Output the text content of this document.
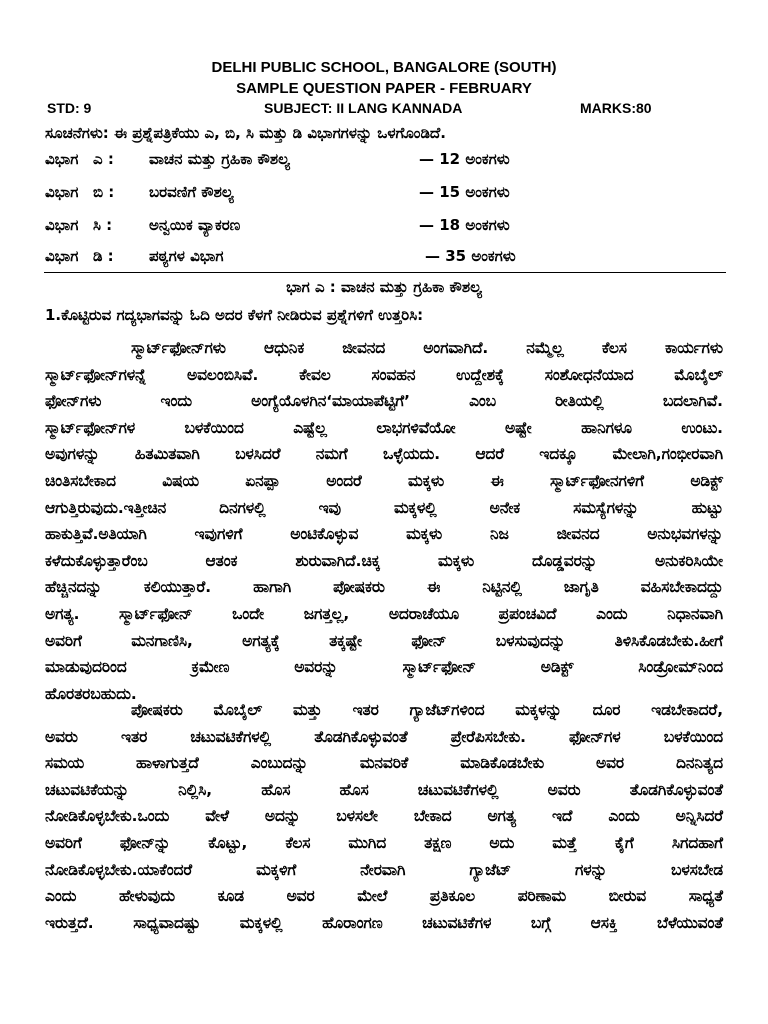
DELHI PUBLIC SCHOOL, BANGALORE (SOUTH)
SAMPLE QUESTION PAPER - FEBRUARY
STD: 9	SUBJECT: II LANG KANNADA	MARKS:80
ಸೂಚನೆಗಳು: ಈ ಪ್ರಶ್ನೆಪತ್ರಿಕೆಯು ಎ, ಬಿ, ಸಿ ಮತ್ತು ಡಿ ವಿಭಾಗಗಳನ್ನು ಒಳಗೊಂಡಿದೆ.
ವಿಭಾಗ ಎ : ವಾಚನ ಮತ್ತು ಗ್ರಹಿಕಾ ಕೌಶಲ್ಯ	— 12 ಅಂಕಗಳು
ವಿಭಾಗ ಬಿ : ಬರವಣಿಗೆ ಕೌಶಲ್ಯ	— 15 ಅಂಕಗಳು
ವಿಭಾಗ ಸಿ : ಅನ್ವಯಿಕ ವ್ಯಾಕರಣ	— 18 ಅಂಕಗಳು
ವಿಭಾಗ ಡಿ : ಪಠ್ಯಗಳ ವಿಭಾಗ	— 35 ಅಂಕಗಳು
ಭಾಗ ಎ : ವಾಚನ ಮತ್ತು ಗ್ರಹಿಕಾ ಕೌಶಲ್ಯ
1.ಕೊಟ್ಟಿರುವ ಗದ್ಯಭಾಗವನ್ನು ಓದಿ ಅದರ ಕೆಳಗೆ ನೀಡಿರುವ ಪ್ರಶ್ನೆಗಳಿಗೆ ಉತ್ತರಿಸಿ:
ಸ್ಮಾರ್ಟ್‌ಫೋನ್‌ಗಳು ಆಧುನಿಕ ಜೀವನದ ಅಂಗವಾಗಿದೆ. ನಮ್ಮೆಲ್ಲ ಕೆಲಸ ಕಾರ್ಯಗಳು
ಸ್ಮಾರ್ಟ್‌ಫೋನ್‌ಗಳನ್ನೆ ಅವಲಂಬಿಸಿವೆ. ಕೇವಲ ಸಂವಹನ ಉದ್ದೇಶಕ್ಕೆ ಸಂಶೋಧನೆಯಾದ ಮೊಬೈಲ್
ಫೋನ್‌ಗಳು ಇಂದು ಅಂಗ್ಯೆಯೊಳಗಿನ‘ಮಾಯಾಪೆಟ್ಟಿಗೆ’ ಎಂಬ ರೀತಿಯಲ್ಲಿ ಬದಲಾಗಿವೆ.
ಸ್ಮಾರ್ಟ್‌ಫೋನ್‌ಗಳ ಬಳಕೆಯಿಂದ ಎಷ್ಟೆಲ್ಲ ಲಾಭಗಳಿವೆಯೋ ಅಷ್ಟೇ ಹಾನಿಗಳೂ ಉಂಟು.
ಅವುಗಳನ್ನು ಹಿತಮಿತವಾಗಿ ಬಳಸಿದರೆ ನಮಗೆ ಒಳ್ಳೆಯದು. ಆದರೆ ಇದಕ್ಕೂ ಮೇಲಾಗಿ,ಗಂಭೀರವಾಗಿ
ಚಿಂತಿಸಬೇಕಾದ ವಿಷಯ ಏನಪ್ಪಾ ಅಂದರೆ ಮಕ್ಕಳು ಈ ಸ್ಮಾರ್ಟ್‌ಫೋನಗಳಿಗೆ ಅಡಿಕ್ಟ್
ಆಗುತ್ತಿರುವುದು.ಇತ್ತೀಚಿನ ದಿನಗಳಲ್ಲಿ ಇವು ಮಕ್ಕಳಲ್ಲಿ ಅನೇಕ ಸಮಸ್ಯೆಗಳನ್ನು ಹುಟ್ಟು
ಹಾಕುತ್ತಿವೆ.ಅತಿಯಾಗಿ ಇವುಗಳಿಗೆ ಅಂಟಿಕೊಳ್ಳುವ ಮಕ್ಕಳು ನಿಜ ಜೀವನದ ಅನುಭವಗಳನ್ನು
ಕಳೆದುಕೊಳ್ಳುತ್ತಾರೆಂಬ ಆತಂಕ ಶುರುವಾಗಿದೆ.ಚಿಕ್ಕ ಮಕ್ಕಳು ದೊಡ್ಡವರನ್ನು ಅನುಕರಿಸಿಯೇ
ಹೆಚ್ಚಿನದನ್ನು ಕಲಿಯುತ್ತಾರೆ. ಹಾಗಾಗಿ ಪೋಷಕರು ಈ ನಿಟ್ಟಿನಲ್ಲಿ ಜಾಗೃತಿ ವಹಿಸಬೇಕಾದದ್ದು
ಅಗತ್ಯ. ಸ್ಮಾರ್ಟ್‌ಫೋನ್ ಒಂದೇ ಜಗತ್ತಲ್ಲ, ಅದರಾಚೆಯೂ ಪ್ರಪಂಚವಿದೆ ಎಂದು ನಿಧಾನವಾಗಿ
ಅವರಿಗೆ ಮನಗಾಣಿಸಿ, ಅಗತ್ಯಕ್ಕೆ ತಕ್ಕಷ್ಟೇ ಫೋನ್ ಬಳಸುವುದನ್ನು ತಿಳಿಸಿಕೊಡಬೇಕು.ಹೀಗೆ
ಮಾಡುವುದರಿಂದ ಕ್ರಮೇಣ ಅವರನ್ನು ಸ್ಮಾರ್ಟ್‌ಫೋನ್ ಅಡಿಕ್ಟ್ ಸಿಂಡ್ರೋಮ್‌ನಿಂದ
ಹೊರತರಬಹುದು.
ಪೋಷಕರು ಮೊಬೈಲ್ ಮತ್ತು ಇತರ ಗ್ಯಾಜೆಟ್‌ಗಳಿಂದ ಮಕ್ಕಳನ್ನು ದೂರ ಇಡಬೇಕಾದರೆ,
ಅವರು ಇತರ ಚಟುವಟಿಕೆಗಳಲ್ಲಿ ತೊಡಗಿಕೊಳ್ಳುವಂತೆ ಪ್ರೇರೆಪಿಸಬೇಕು. ಫೋನ್‌ಗಳ ಬಳಕೆಯಿಂದ
ಸಮಯ ಹಾಳಾಗುತ್ತದೆ ಎಂಬುದನ್ನು ಮನವರಿಕೆ ಮಾಡಿಕೊಡಬೇಕು ಅವರ ದಿನನಿತ್ಯದ
ಚಟುವಟಿಕೆಯನ್ನು ನಿಲ್ಲಿಸಿ, ಹೊಸ ಹೊಸ ಚಟುವಟಿಕೆಗಳಲ್ಲಿ ಅವರು ತೊಡಗಿಕೊಳ್ಳುವಂತೆ
ನೋಡಿಕೊಳ್ಳಬೇಕು.ಒಂದು ವೇಳೆ ಅದನ್ನು ಬಳಸಲೇ ಬೇಕಾದ ಅಗತ್ಯ ಇದೆ ಎಂದು ಅನ್ನಿಸಿದರೆ
ಅವರಿಗೆ ಫೋನ್‌ನ್ನು ಕೊಟ್ಟು, ಕೆಲಸ ಮುಗಿದ ತಕ್ಷಣ ಅದು ಮತ್ತೆ ಕೈಗೆ ಸಿಗದಹಾಗೆ
ನೋಡಿಕೊಳ್ಳಬೇಕು.ಯಾಕೆಂದರೆ ಮಕ್ಕಳಿಗೆ ನೇರವಾಗಿ ಗ್ಯಾಜೆಟ್ ಗಳನ್ನು ಬಳಸಬೇಡ
ಎಂದು ಹೇಳುವುದು ಕೂಡ ಅವರ ಮೇಲೆ ಪ್ರತಿಕೂಲ ಪರಿಣಾಮ ಬೀರುವ ಸಾಧ್ಯತೆ
ಇರುತ್ತದೆ. ಸಾಧ್ಯವಾದಷ್ಟು ಮಕ್ಕಳಲ್ಲಿ ಹೊರಾಂಗಣ ಚಟುವಟಿಕೆಗಳ ಬಗ್ಗೆ ಆಸಕ್ತಿ ಬೆಳೆಯುವಂತೆ
